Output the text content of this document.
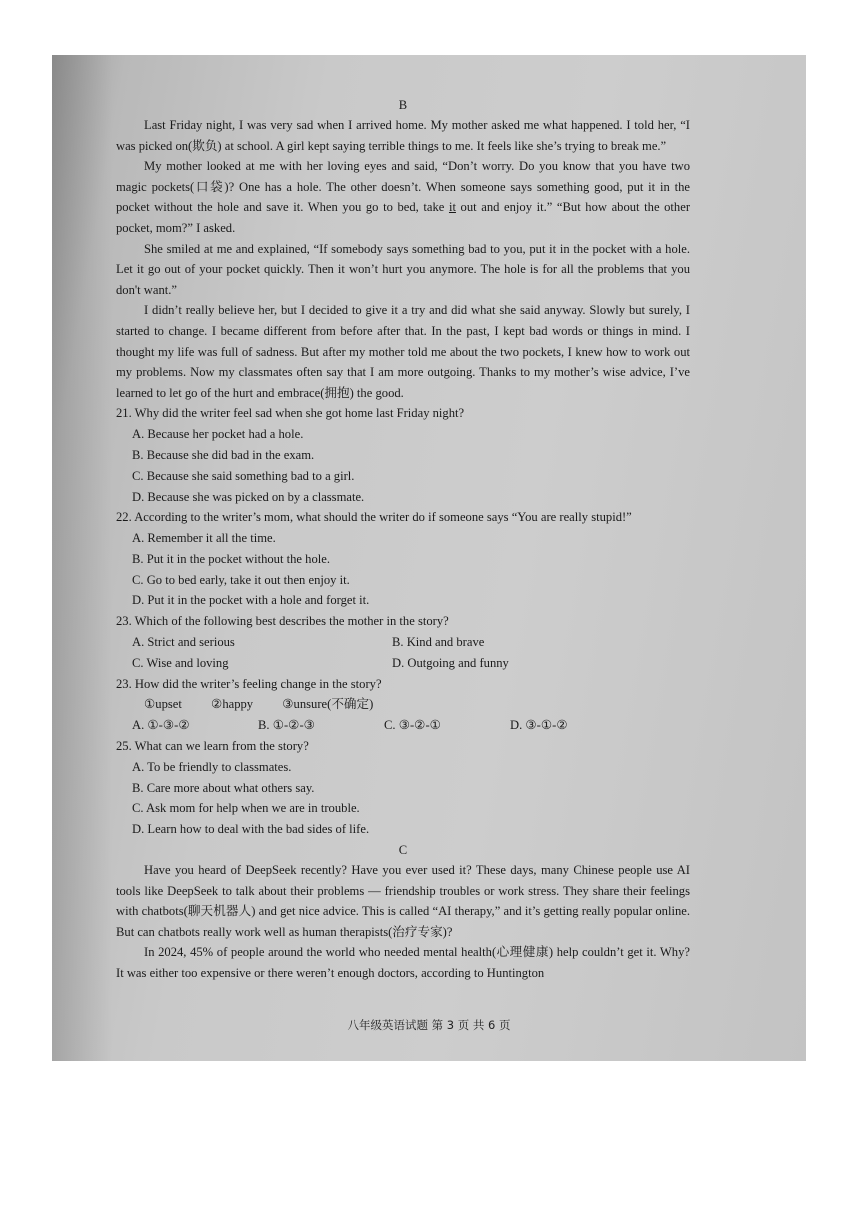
B

Last Friday night, I was very sad when I arrived home. My mother asked me what happened. I told her, “I was picked on(欺负) at school. A girl kept saying terrible things to me. It feels like she’s trying to break me.”

My mother looked at me with her loving eyes and said, “Don’t worry. Do you know that you have two magic pockets(口袋)? One has a hole. The other doesn’t. When someone says something good, put it in the pocket without the hole and save it. When you go to bed, take it out and enjoy it.” “But how about the other pocket, mom?” I asked.

She smiled at me and explained, “If somebody says something bad to you, put it in the pocket with a hole. Let it go out of your pocket quickly. Then it won’t hurt you anymore. The hole is for all the problems that you don't want.”

I didn’t really believe her, but I decided to give it a try and did what she said anyway. Slowly but surely, I started to change. I became different from before after that. In the past, I kept bad words or things in mind. I thought my life was full of sadness. But after my mother told me about the two pockets, I knew how to work out my problems. Now my classmates often say that I am more outgoing. Thanks to my mother’s wise advice, I’ve learned to let go of the hurt and embrace(拥抱) the good.

21. Why did the writer feel sad when she got home last Friday night?
A. Because her pocket had a hole.
B. Because she did bad in the exam.
C. Because she said something bad to a girl.
D. Because she was picked on by a classmate.
22. According to the writer’s mom, what should the writer do if someone says “You are really stupid!”
A. Remember it all the time.
B. Put it in the pocket without the hole.
C. Go to bed early, take it out then enjoy it.
D. Put it in the pocket with a hole and forget it.
23. Which of the following best describes the mother in the story?
A. Strict and serious	B. Kind and brave
C. Wise and loving	D. Outgoing and funny
23. How did the writer’s feeling change in the story?
①upset ②happy ③unsure(不确定)
A. ①-③-②	B. ①-②-③	C. ③-②-①	D. ③-①-②
25. What can we learn from the story?
A. To be friendly to classmates.
B. Care more about what others say.
C. Ask mom for help when we are in trouble.
D. Learn how to deal with the bad sides of life.
C

Have you heard of DeepSeek recently? Have you ever used it? These days, many Chinese people use AI tools like DeepSeek to talk about their problems — friendship troubles or work stress. They share their feelings with chatbots(聊天机器人) and get nice advice. This is called “AI therapy,” and it’s getting really popular online. But can chatbots really work well as human therapists(治疗专家)?

In 2024, 45% of people around the world who needed mental health(心理健康) help couldn’t get it. Why? It was either too expensive or there weren’t enough doctors, according to Huntington

八年级英语试题 第 3 页 共 6 页
